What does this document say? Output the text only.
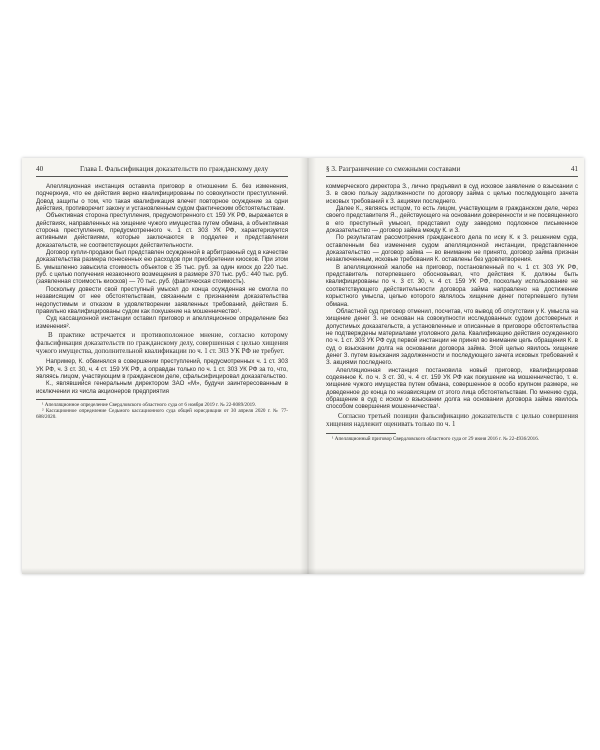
40	Глава I. Фальсификация доказательств по гражданскому делу

Апелляционная инстанция оставила приговор в отношении Б. без изменения, подчеркнув, что ее действия верно квалифицированы по совокупности преступлений. Довод защиты о том, что такая квалификация влечет повторное осуждение за одни действия, противоречит закону и установленным судом фактическим обстоятельствам.

Объективная сторона преступления, предусмотренного ст. 159 УК РФ, выражается в действиях, направленных на хищение чужого имущества путем обмана, а объективная сторона преступления, предусмотренного ч. 1 ст. 303 УК РФ, характеризуется активными действиями, которые заключаются в подделке и представлении доказательств, не соответствующих действительности.

Договор купли-продажи был представлен осужденной в арбитражный суд в качестве доказательства размера понесенных ею расходов при приобретении киосков. При этом Б. умышленно завысила стоимость объектов с 35 тыс. руб. за один киоск до 220 тыс. руб. с целью получения незаконного возмещения в размере 370 тыс. руб.: 440 тыс. руб. (заявленная стоимость киосков) — 70 тыс. руб. (фактическая стоимость).

Поскольку довести свой преступный умысел до конца осужденная не смогла по независящим от нее обстоятельствам, связанным с признанием доказательства недопустимым и отказом в удовлетворении заявленных требований, действия Б. правильно квалифицированы судом как покушение на мошенничество¹.

Суд кассационной инстанции оставил приговор и апелляционное определение без изменения².

В практике встречается и противоположное мнение, согласно которому фальсификация доказательств по гражданскому делу, совершенная с целью хищения чужого имущества, дополнительной квалификации по ч. 1 ст. 303 УК РФ не требует.

Например, К. обвинялся в совершении преступлений, предусмотренных ч. 1 ст. 303 УК РФ, ч. 3 ст. 30, ч. 4 ст. 159 УК РФ, а оправдан только по ч. 1 ст. 303 УК РФ за то, что, являясь лицом, участвующим в гражданском деле, сфальсифицировал доказательство.

К., являвшийся генеральным директором ЗАО «М», будучи заинтересованным в исключении из числа акционеров предприятия

¹ Апелляционное определение Свердловского областного суда от 6 ноября 2019 г. № 22-8089/2019.

² Кассационное определение Седьмого кассационного суда общей юрисдикции от 30 апреля 2020 г. № 77-688/2020.

§ 3. Разграничение со смежными составами	41

коммерческого директора З., лично предъявил в суд исковое заявление о взыскании с З. в свою пользу задолженности по договору займа с целью последующего зачета исковых требований к З. акциями последнего.

Далее К., являясь истцом, то есть лицом, участвующим в гражданском деле, через своего представителя Я., действующего на основании доверенности и не посвященного в его преступный умысел, представил суду заведомо подложное письменное доказательство — договор займа между К. и З.

По результатам рассмотрения гражданского дела по иску К. к З. решением суда, оставленным без изменения судом апелляционной инстанции, представленное доказательство — договор займа — во внимание не принято, договор займа признан незаключенным, исковые требования К. оставлены без удовлетворения.

В апелляционной жалобе на приговор, постановленный по ч. 1 ст. 303 УК РФ, представитель потерпевшего обосновывал, что действия К. должны быть квалифицированы по ч. 3 ст. 30, ч. 4 ст. 159 УК РФ, поскольку использование не соответствующего действительности договора займа направлено на достижение корыстного умысла, целью которого являлось хищение денег потерпевшего путем обмана.

Областной суд приговор отменил, посчитав, что вывод об отсутствии у К. умысла на хищение денег З. не основан на совокупности исследованных судом достоверных и допустимых доказательств, а установленные и описанные в приговоре обстоятельства не подтверждены материалами уголовного дела. Квалификацию действия осужденного по ч. 1 ст. 303 УК РФ суд первой инстанции не принял во внимание цель обращения К. в суд о взыскании долга на основании договора займа. Этой целью явилось хищение денег З. путем взыскания задолженности и последующего зачета исковых требований к З. акциями последнего.

Апелляционная инстанция постановила новый приговор, квалифицировав содеянное К. по ч. 3 ст. 30, ч. 4 ст. 159 УК РФ как покушение на мошенничество, т. е. хищение чужого имущества путем обмана, совершенное в особо крупном размере, не доведенное до конца по независящим от этого лица обстоятельствам. По мнению суда, обращение в суд с иском о взыскании долга на основании договора займа явилось способом совершения мошенничества¹.

Согласно третьей позиции фальсификацию доказательств с целью совершения хищения надлежит оценивать только по ч. 1

¹ Апелляционный приговор Свердловского областного суда от 29 июня 2016 г. № 22-4936/2016.
